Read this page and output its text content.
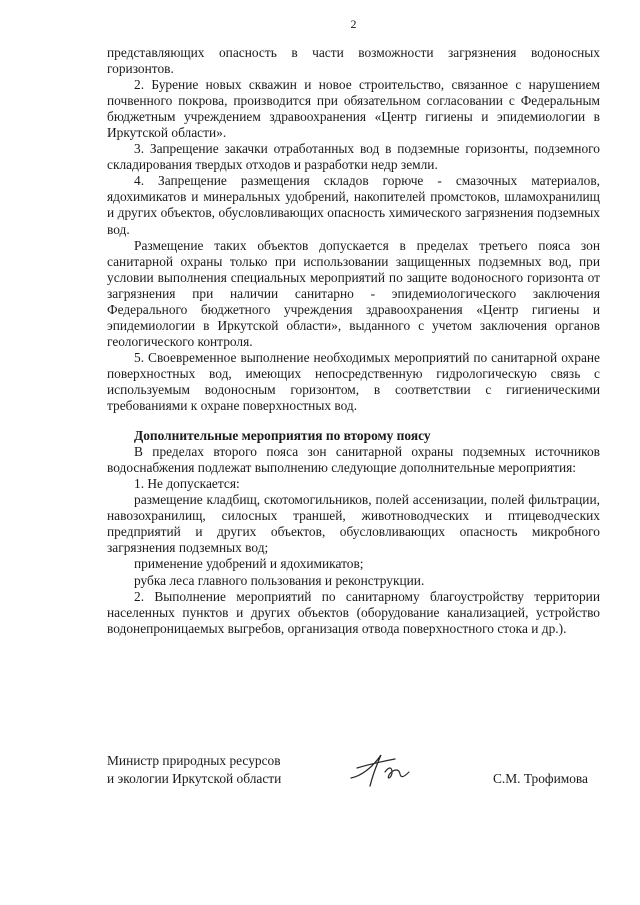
2

представляющих опасность в части возможности загрязнения водоносных горизонтов.

2. Бурение новых скважин и новое строительство, связанное с нарушением почвенного покрова, производится при обязательном согласовании с Федеральным бюджетным учреждением здравоохранения «Центр гигиены и эпидемиологии в Иркутской области».

3. Запрещение закачки отработанных вод в подземные горизонты, подземного складирования твердых отходов и разработки недр земли.

4. Запрещение размещения складов горюче - смазочных материалов, ядохимикатов и минеральных удобрений, накопителей промстоков, шламохранилищ и других объектов, обусловливающих опасность химического загрязнения подземных вод.

Размещение таких объектов допускается в пределах третьего пояса зон санитарной охраны только при использовании защищенных подземных вод, при условии выполнения специальных мероприятий по защите водоносного горизонта от загрязнения при наличии санитарно - эпидемиологического заключения Федерального бюджетного учреждения здравоохранения «Центр гигиены и эпидемиологии в Иркутской области», выданного с учетом заключения органов геологического контроля.

5. Своевременное выполнение необходимых мероприятий по санитарной охране поверхностных вод, имеющих непосредственную гидрологическую связь с используемым водоносным горизонтом, в соответствии с гигиеническими требованиями к охране поверхностных вод.

Дополнительные мероприятия по второму поясу

В пределах второго пояса зон санитарной охраны подземных источников водоснабжения подлежат выполнению следующие дополнительные мероприятия:

1. Не допускается:

размещение кладбищ, скотомогильников, полей ассенизации, полей фильтрации, навозохранилищ, силосных траншей, животноводческих и птицеводческих предприятий и других объектов, обусловливающих опасность микробного загрязнения подземных вод;

применение удобрений и ядохимикатов;

рубка леса главного пользования и реконструкции.

2. Выполнение мероприятий по санитарному благоустройству территории населенных пунктов и других объектов (оборудование канализацией, устройство водонепроницаемых выгребов, организация отвода поверхностного стока и др.).

Министр природных ресурсов
и экологии Иркутской области	С.М. Трофимова
